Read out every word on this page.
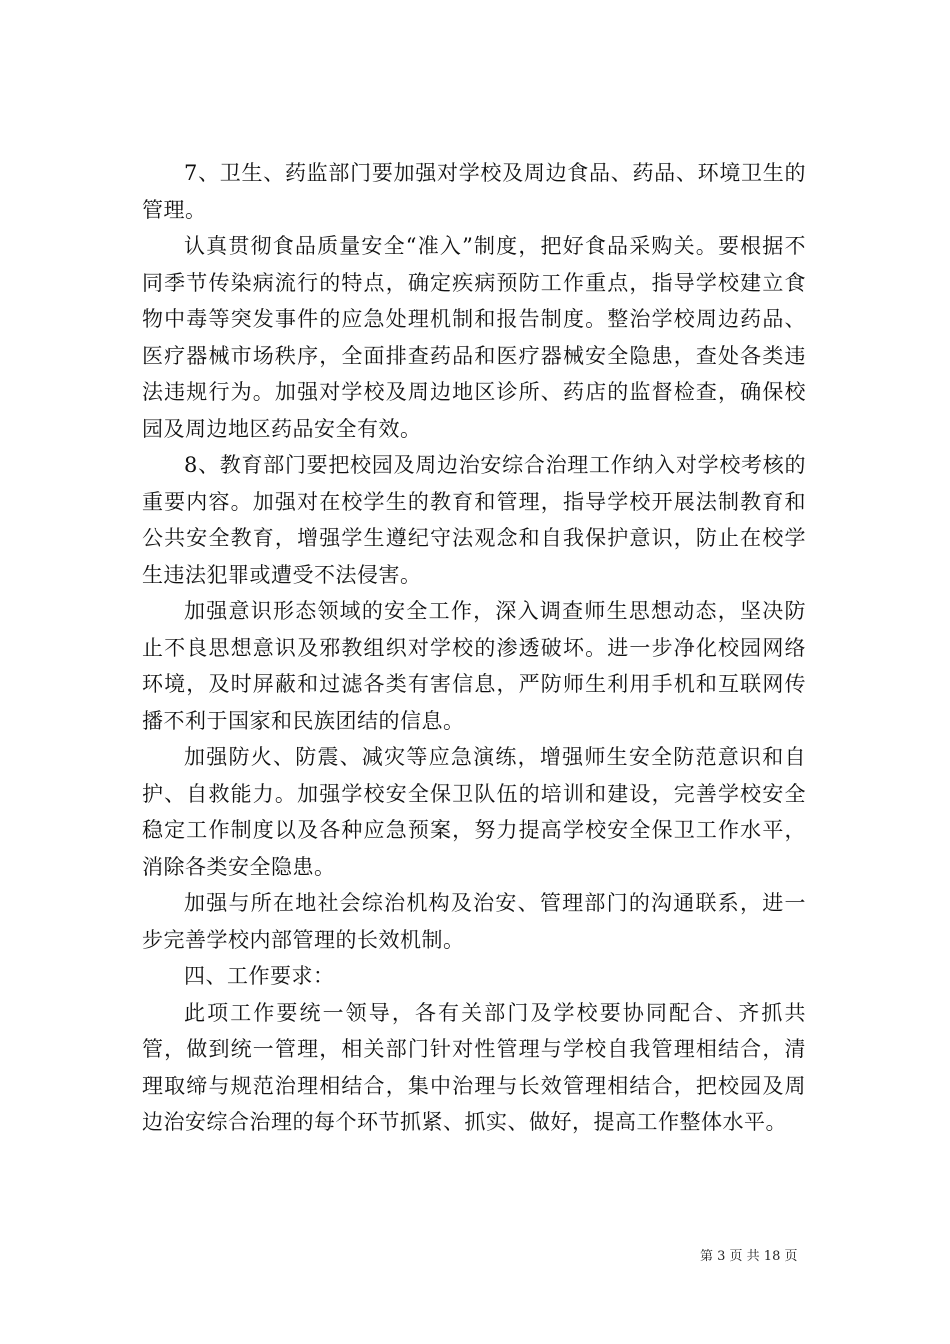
7、卫生、药监部门要加强对学校及周边食品、药品、环境卫生的管理。

认真贯彻食品质量安全“准入”制度，把好食品采购关。要根据不同季节传染病流行的特点，确定疾病预防工作重点，指导学校建立食物中毒等突发事件的应急处理机制和报告制度。整治学校周边药品、医疗器械市场秩序，全面排查药品和医疗器械安全隐患，查处各类违法违规行为。加强对学校及周边地区诊所、药店的监督检查，确保校园及周边地区药品安全有效。

8、教育部门要把校园及周边治安综合治理工作纳入对学校考核的重要内容。加强对在校学生的教育和管理，指导学校开展法制教育和公共安全教育，增强学生遵纪守法观念和自我保护意识，防止在校学生违法犯罪或遭受不法侵害。

加强意识形态领域的安全工作，深入调查师生思想动态，坚决防止不良思想意识及邪教组织对学校的渗透破坏。进一步净化校园网络环境，及时屏蔽和过滤各类有害信息，严防师生利用手机和互联网传播不利于国家和民族团结的信息。

加强防火、防震、减灾等应急演练，增强师生安全防范意识和自护、自救能力。加强学校安全保卫队伍的培训和建设，完善学校安全稳定工作制度以及各种应急预案，努力提高学校安全保卫工作水平，消除各类安全隐患。

加强与所在地社会综治机构及治安、管理部门的沟通联系，进一步完善学校内部管理的长效机制。

四、工作要求：

此项工作要统一领导，各有关部门及学校要协同配合、齐抓共管，做到统一管理，相关部门针对性管理与学校自我管理相结合，清理取缔与规范治理相结合，集中治理与长效管理相结合，把校园及周边治安综合治理的每个环节抓紧、抓实、做好，提高工作整体水平。

第 3 页 共 18 页
